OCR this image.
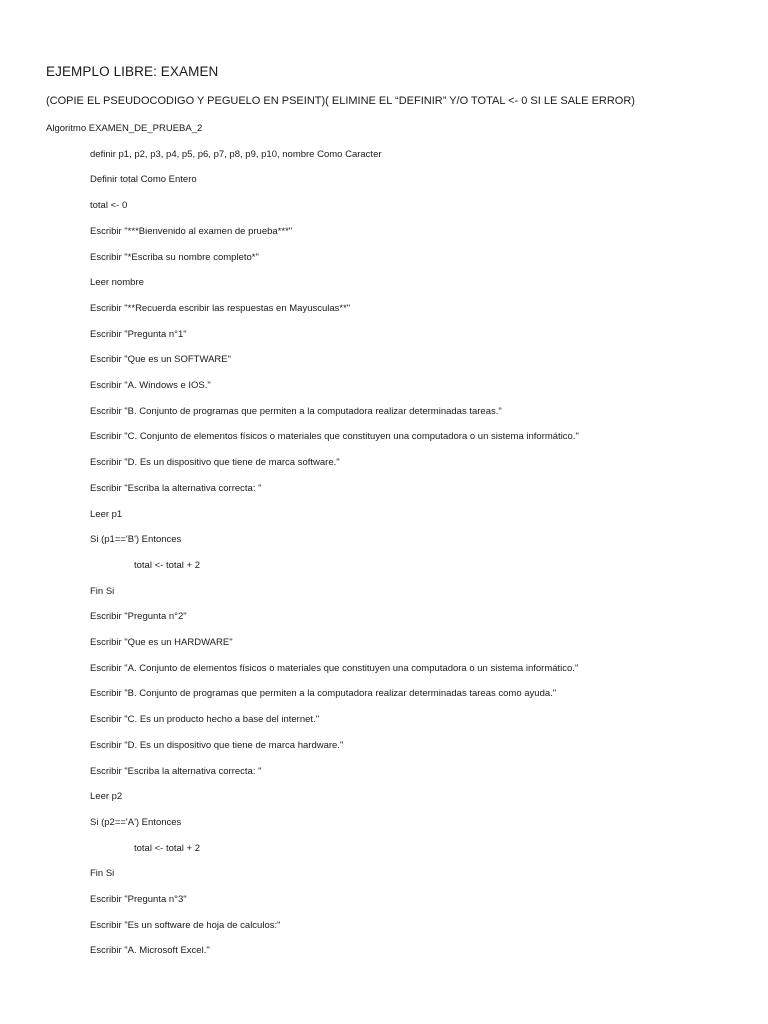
EJEMPLO LIBRE: EXAMEN
(COPIE EL PSEUDOCODIGO Y PEGUELO EN PSEINT)( ELIMINE EL “DEFINIR” Y/O TOTAL <- 0 SI LE SALE ERROR)
Algoritmo EXAMEN_DE_PRUEBA_2
definir p1, p2, p3, p4, p5, p6, p7, p8, p9, p10, nombre Como Caracter
Definir total Como Entero
total <- 0
Escribir "***Bienvenido al examen de prueba***"
Escribir "*Escriba su nombre completo*"
Leer nombre
Escribir "**Recuerda escribir las respuestas en Mayusculas**"
Escribir "Pregunta n°1"
Escribir "Que es un SOFTWARE"
Escribir "A. Windows e IOS."
Escribir "B. Conjunto de programas que permiten a la computadora realizar determinadas tareas."
Escribir "C. Conjunto de elementos físicos o materiales que constituyen una computadora o un sistema informático."
Escribir "D. Es un dispositivo que tiene de marca software."
Escribir "Escriba la alternativa correcta: "
Leer p1
Si (p1=='B') Entonces
total <- total + 2
Fin Si
Escribir "Pregunta n°2"
Escribir "Que es un HARDWARE"
Escribir "A. Conjunto de elementos físicos o materiales que constituyen una computadora o un sistema informático."
Escribir "B. Conjunto de programas que permiten a la computadora realizar determinadas tareas como ayuda."
Escribir "C. Es un producto hecho a base del internet."
Escribir "D. Es un dispositivo que tiene de marca hardware."
Escribir "Escriba la alternativa correcta: "
Leer p2
Si (p2=='A') Entonces
total <- total + 2
Fin Si
Escribir "Pregunta n°3"
Escribir "Es un software de hoja de calculos:"
Escribir "A. Microsoft Excel."
